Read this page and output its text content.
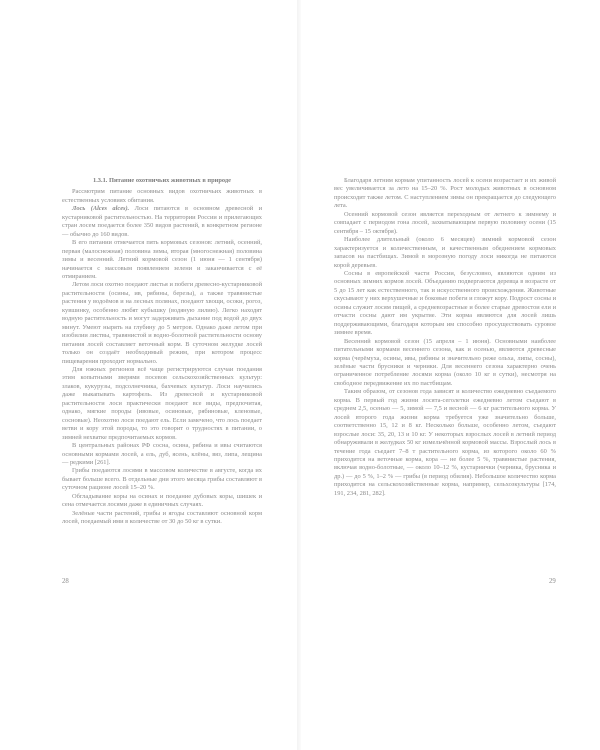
1.3.1. Питание охотничьих животных в природе

Рассмотрим питание основных видов охотничьих животных в естественных условиях обитания.

Лось (Alces alces). Лоси питаются в основном древесной и кустарниковой растительностью. На территории России и прилегающих стран лосем поедается более 350 видов растений, в конкретном регионе — обычно до 160 видов.

В его питании отмечается пять кормовых сезонов: летний, осенний, первая (малоснежная) половина зимы, вторая (многоснежная) половина зимы и весенний. Летний кормовой сезон (1 июня — 1 сентября) начинается с массовым появлением зелени и заканчивается с её отмиранием.

Летом лоси охотно поедают листья и побеги древесно-кустарниковой растительности (осины, ив, рябины, березы), а также травянистые растения у водоёмов и на лесных полянах, поедают хвощи, осоки, рогоз, кувшинку, особенно любят кубышку (водяную лилию). Легко находят водную растительность и могут задерживать дыхание под водой до двух минут. Умеют нырять на глубину до 5 метров. Однако даже летом при изобилии листвы, травянистой и водно-болотной растительности основу питания лосей составляет веточный корм. В суточном желудке лосей только он создаёт необходимый режим, при котором процесс пищеварения проходит нормально.

Для южных регионов всё чаще регистрируются случаи поедания этим копытными зверями посевов сельскохозяйственных культур: злаков, кукурузы, подсолнечника, бахчевых культур. Лоси научились даже выкапывать картофель. Из древесной и кустарниковой растительности лоси практически поедают все виды, предпочитая, однако, мягкие породы (ивовые, осиновые, рябиновые, кленовые, сосновые). Неохотно лоси поедают ель. Если замечено, что лось поедает ветви и кору этой породы, то это говорит о трудностях в питании, о зимней нехватке предпочитаемых кормов.

В центральных районах РФ сосна, осина, рябина и ивы считаются основными кормами лосей, а ель, дуб, ясень, клёны, вяз, липа, лещина — редкими [261].

Грибы поедаются лосями в массовом количестве в августе, когда их бывает больше всего. В отдельные дни этого месяца грибы составляют в суточном рационе лосей 15–20 %.

Обгладывание коры на осинах и поедание дубовых коры, шишек и сена отмечается лосями даже в единичных случаях.

Зелёные части растений, грибы и ягоды составляют основной корм лосей, поедаемый ими в количестве от 30 до 50 кг в сутки.

28

Благодаря летним кормам упитанность лосей к осени возрастает и их живой вес увеличивается за лето на 15–20 %. Рост молодых животных в основном происходит также летом. С наступлением зимы он прекращается до следующего лета.

Осенний кормовой сезон является переходным от летнего к зимнему и совпадает с периодом гона лосей, захватывающим первую половину осени (15 сентября – 15 октября).

Наиболее длительный (около 6 месяцев) зимний кормовой сезон характеризуется и количественным, и качественным обеднением кормовых запасов на пастбищах. Зимой в морозную погоду лоси никогда не питаются корой деревьев.

Сосны в европейской части России, безусловно, являются одним из основных зимних кормов лосей. Объеданию подвергаются деревца в возрасте от 5 до 15 лет как естественного, так и искусственного происхождения. Животные скусывают у них верхушечные и боковые побеги и гложут кору. Подрост сосны и осины служит лосям пищей, а средневозрастные и более старые древостои ели и отчасти сосны дают им укрытие. Эти корма являются для лосей лишь поддерживающими, благодаря которым им способно просуществовать суровое зимнее время.

Весенний кормовой сезон (15 апреля – 1 июня). Основными наиболее питательными кормами весеннего сезона, как и осенью, являются древесные корма (черёмуха, осины, ивы, рябины и значительно реже ольха, липы, сосны), зелёные части брусники и черники. Для весеннего сезона характерно очень ограниченное потребление лосями корма (около 10 кг в сутки), несмотря на свободное передвижение их по пастбищам.

Таким образом, от сезонов года зависят и количество ежедневно съедаемого корма. В первый год жизни лосята-сеголетки ежедневно летом съедают в среднем 2,5, осенью — 5, зимой — 7,5 и весной — 6 кг растительного корма. У лосей второго года жизни корма требуется уже значительно больше, соответственно 15, 12 и 8 кг. Несколько больше, особенно летом, съедают взрослые лоси: 35, 20, 13 и 10 кг. У некоторых взрослых лосей в летний период обнаруживали в желудках 50 кг измельчённой кормовой массы. Взрослый лось в течение года съедает 7–8 т растительного корма, из которого около 60 % приходится на веточные корма, кора — не более 5 %, травянистые растения, включая водно-болотные, — около 10–12 %, кустарнички (черника, брусника и др.) — до 5 %, 1–2 % — грибы (в период обилия). Небольшое количество корма приходится на сельскохозяйственные корма, например, сельхозкультуры [174, 191, 234, 281, 282].

29
